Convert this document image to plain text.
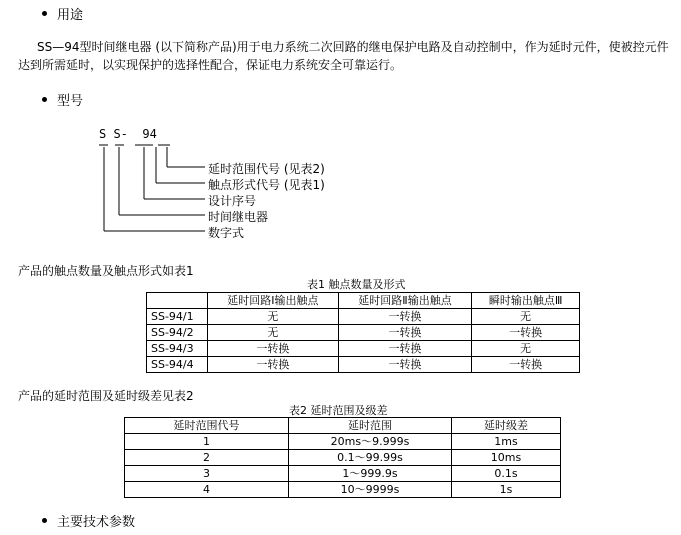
用途
SS—94型时间继电器 (以下简称产品)用于电力系统二次回路的继电保护电路及自动控制中，作为延时元件，使被控元件
达到所需延时，以实现保护的选择性配合，保证电力系统安全可靠运行。
型号
S S-  94
延时范围代号 (见表2)
触点形式代号 (见表1)
设计序号
时间继电器
数字式
产品的触点数量及触点形式如表1
表1 触点数量及形式
	延时回路Ⅰ输出触点	延时回路Ⅱ输出触点	瞬时输出触点Ⅲ
SS-94/1	无	一转换	无
SS-94/2	无	一转换	一转换
SS-94/3	一转换	一转换	无
SS-94/4	一转换	一转换	一转换
产品的延时范围及延时级差见表2
表2 延时范围及级差
延时范围代号	延时范围	延时级差
1	20ms～9.999s	1ms
2	0.1～99.99s	10ms
3	1～999.9s	0.1s
4	10～9999s	1s
主要技术参数
